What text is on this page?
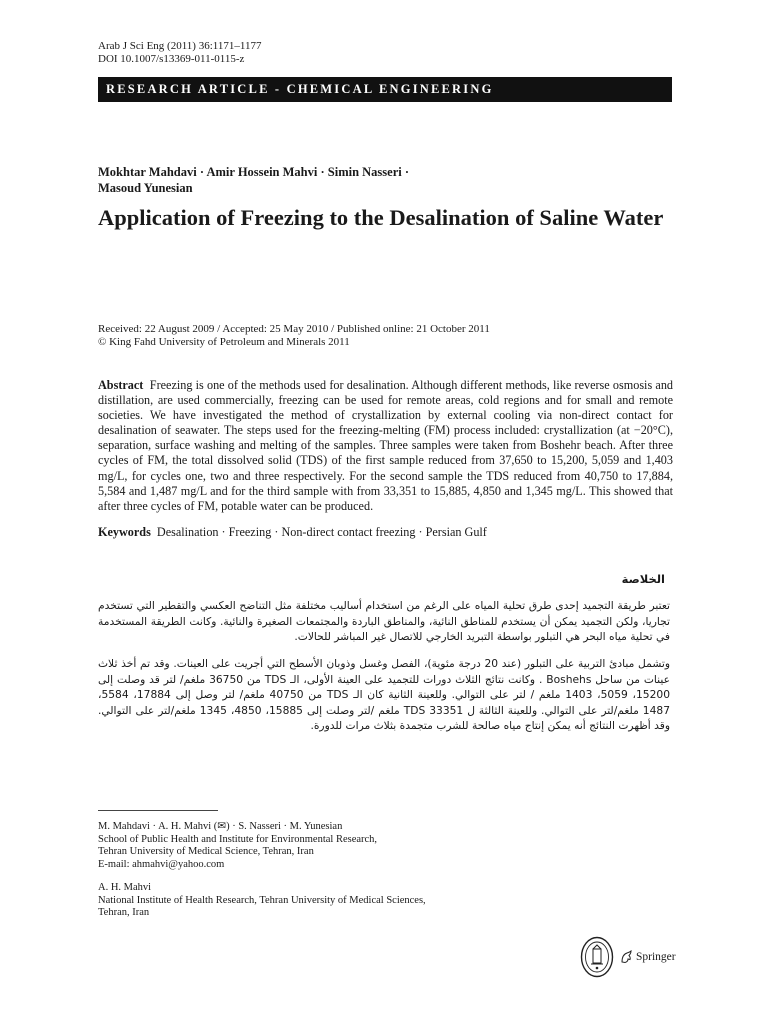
Arab J Sci Eng (2011) 36:1171–1177
DOI 10.1007/s13369-011-0115-z
RESEARCH ARTICLE - CHEMICAL ENGINEERING
Mokhtar Mahdavi · Amir Hossein Mahvi · Simin Nasseri ·
Masoud Yunesian
Application of Freezing to the Desalination of Saline Water
Received: 22 August 2009 / Accepted: 25 May 2010 / Published online: 21 October 2011
© King Fahd University of Petroleum and Minerals 2011

Abstract Freezing is one of the methods used for desalination. Although different methods, like reverse osmosis and distillation, are used commercially, freezing can be used for remote areas, cold regions and for small and remote societies. We have investigated the method of crystallization by external cooling via non-direct contact for desalination of seawater. The steps used for the freezing-melting (FM) process included: crystallization (at −20°C), separation, surface washing and melting of the samples. Three samples were taken from Boshehr beach. After three cycles of FM, the total dissolved solid (TDS) of the first sample reduced from 37,650 to 15,200, 5,059 and 1,403 mg/L, for cycles one, two and three respectively. For the second sample the TDS reduced from 40,750 to 17,884, 5,584 and 1,487 mg/L and for the third sample with from 33,351 to 15,885, 4,850 and 1,345 mg/L. This showed that after three cycles of FM, potable water can be produced.

Keywords Desalination · Freezing · Non-direct contact freezing · Persian Gulf
الخلاصة

تعتبر طريقة التجميد إحدى طرق تحلية المياه على الرغم من استخدام أساليب مختلفة مثل التناضح العكسي والتقطير التي تستخدم تجاريا، ولكن التجميد يمكن أن يستخدم للمناطق النائية، والمناطق الباردة والمجتمعات الصغيرة والنائية. وكانت الطريقة المستخدمة في تحلية مياه البحر هي التبلور بواسطة التبريد الخارجي للاتصال غير المباشر للحالات.

وتشمل مبادئ التربية على التبلور (عند 20 درجة مئوية)، الفصل وغسل وذوبان الأسطح التي أجريت على العينات. وقد تم أخذ ثلاث عينات من ساحل Boshehs . وكانت نتائج الثلاث دورات للتجميد على العينة الأولى، الـ TDS من 36750 ملغم/ لتر قد وصلت إلى 15200، 5059، 1403 ملغم / لتر على التوالي. وللعينة الثانية كان الـ TDS من 40750 ملغم/ لتر وصل إلى 17884، 5584، 1487 ملغم/لتر على التوالي. وللعينة الثالثة ل 33351 TDS ملغم /لتر وصلت إلى 15885، 4850، 1345 ملغم/لتر على التوالي. وقد أظهرت النتائج أنه يمكن إنتاج مياه صالحة للشرب متجمدة بثلاث مرات للدورة.

M. Mahdavi · A. H. Mahvi (✉) · S. Nasseri · M. Yunesian
School of Public Health and Institute for Environmental Research,
Tehran University of Medical Science, Tehran, Iran
E-mail: ahmahvi@yahoo.com
A. H. Mahvi
National Institute of Health Research, Tehran University of Medical Sciences,
Tehran, Iran
Springer
